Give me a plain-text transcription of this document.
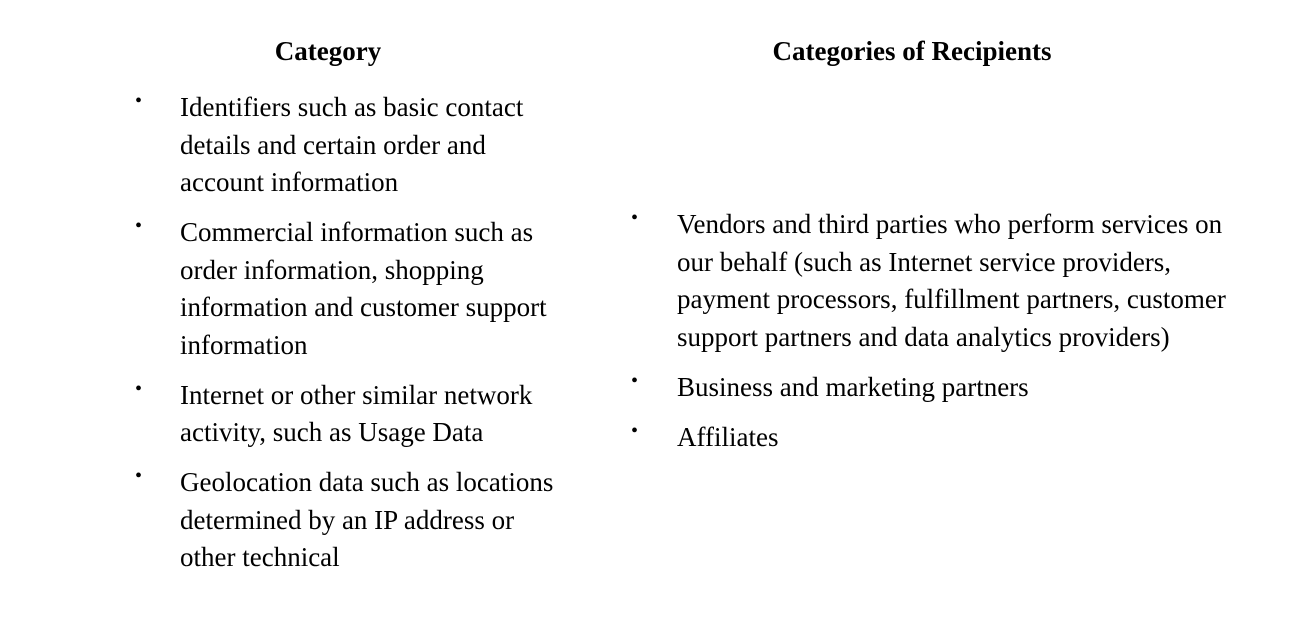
Category	Categories of Recipients
• Identifiers such as basic contact details and certain order and account information
• Commercial information such as order information, shopping information and customer support information
• Internet or other similar network activity, such as Usage Data
• Geolocation data such as locations determined by an IP address or other technical
• Vendors and third parties who perform services on our behalf (such as Internet service providers, payment processors, fulfillment partners, customer support partners and data analytics providers)
• Business and marketing partners
• Affiliates
